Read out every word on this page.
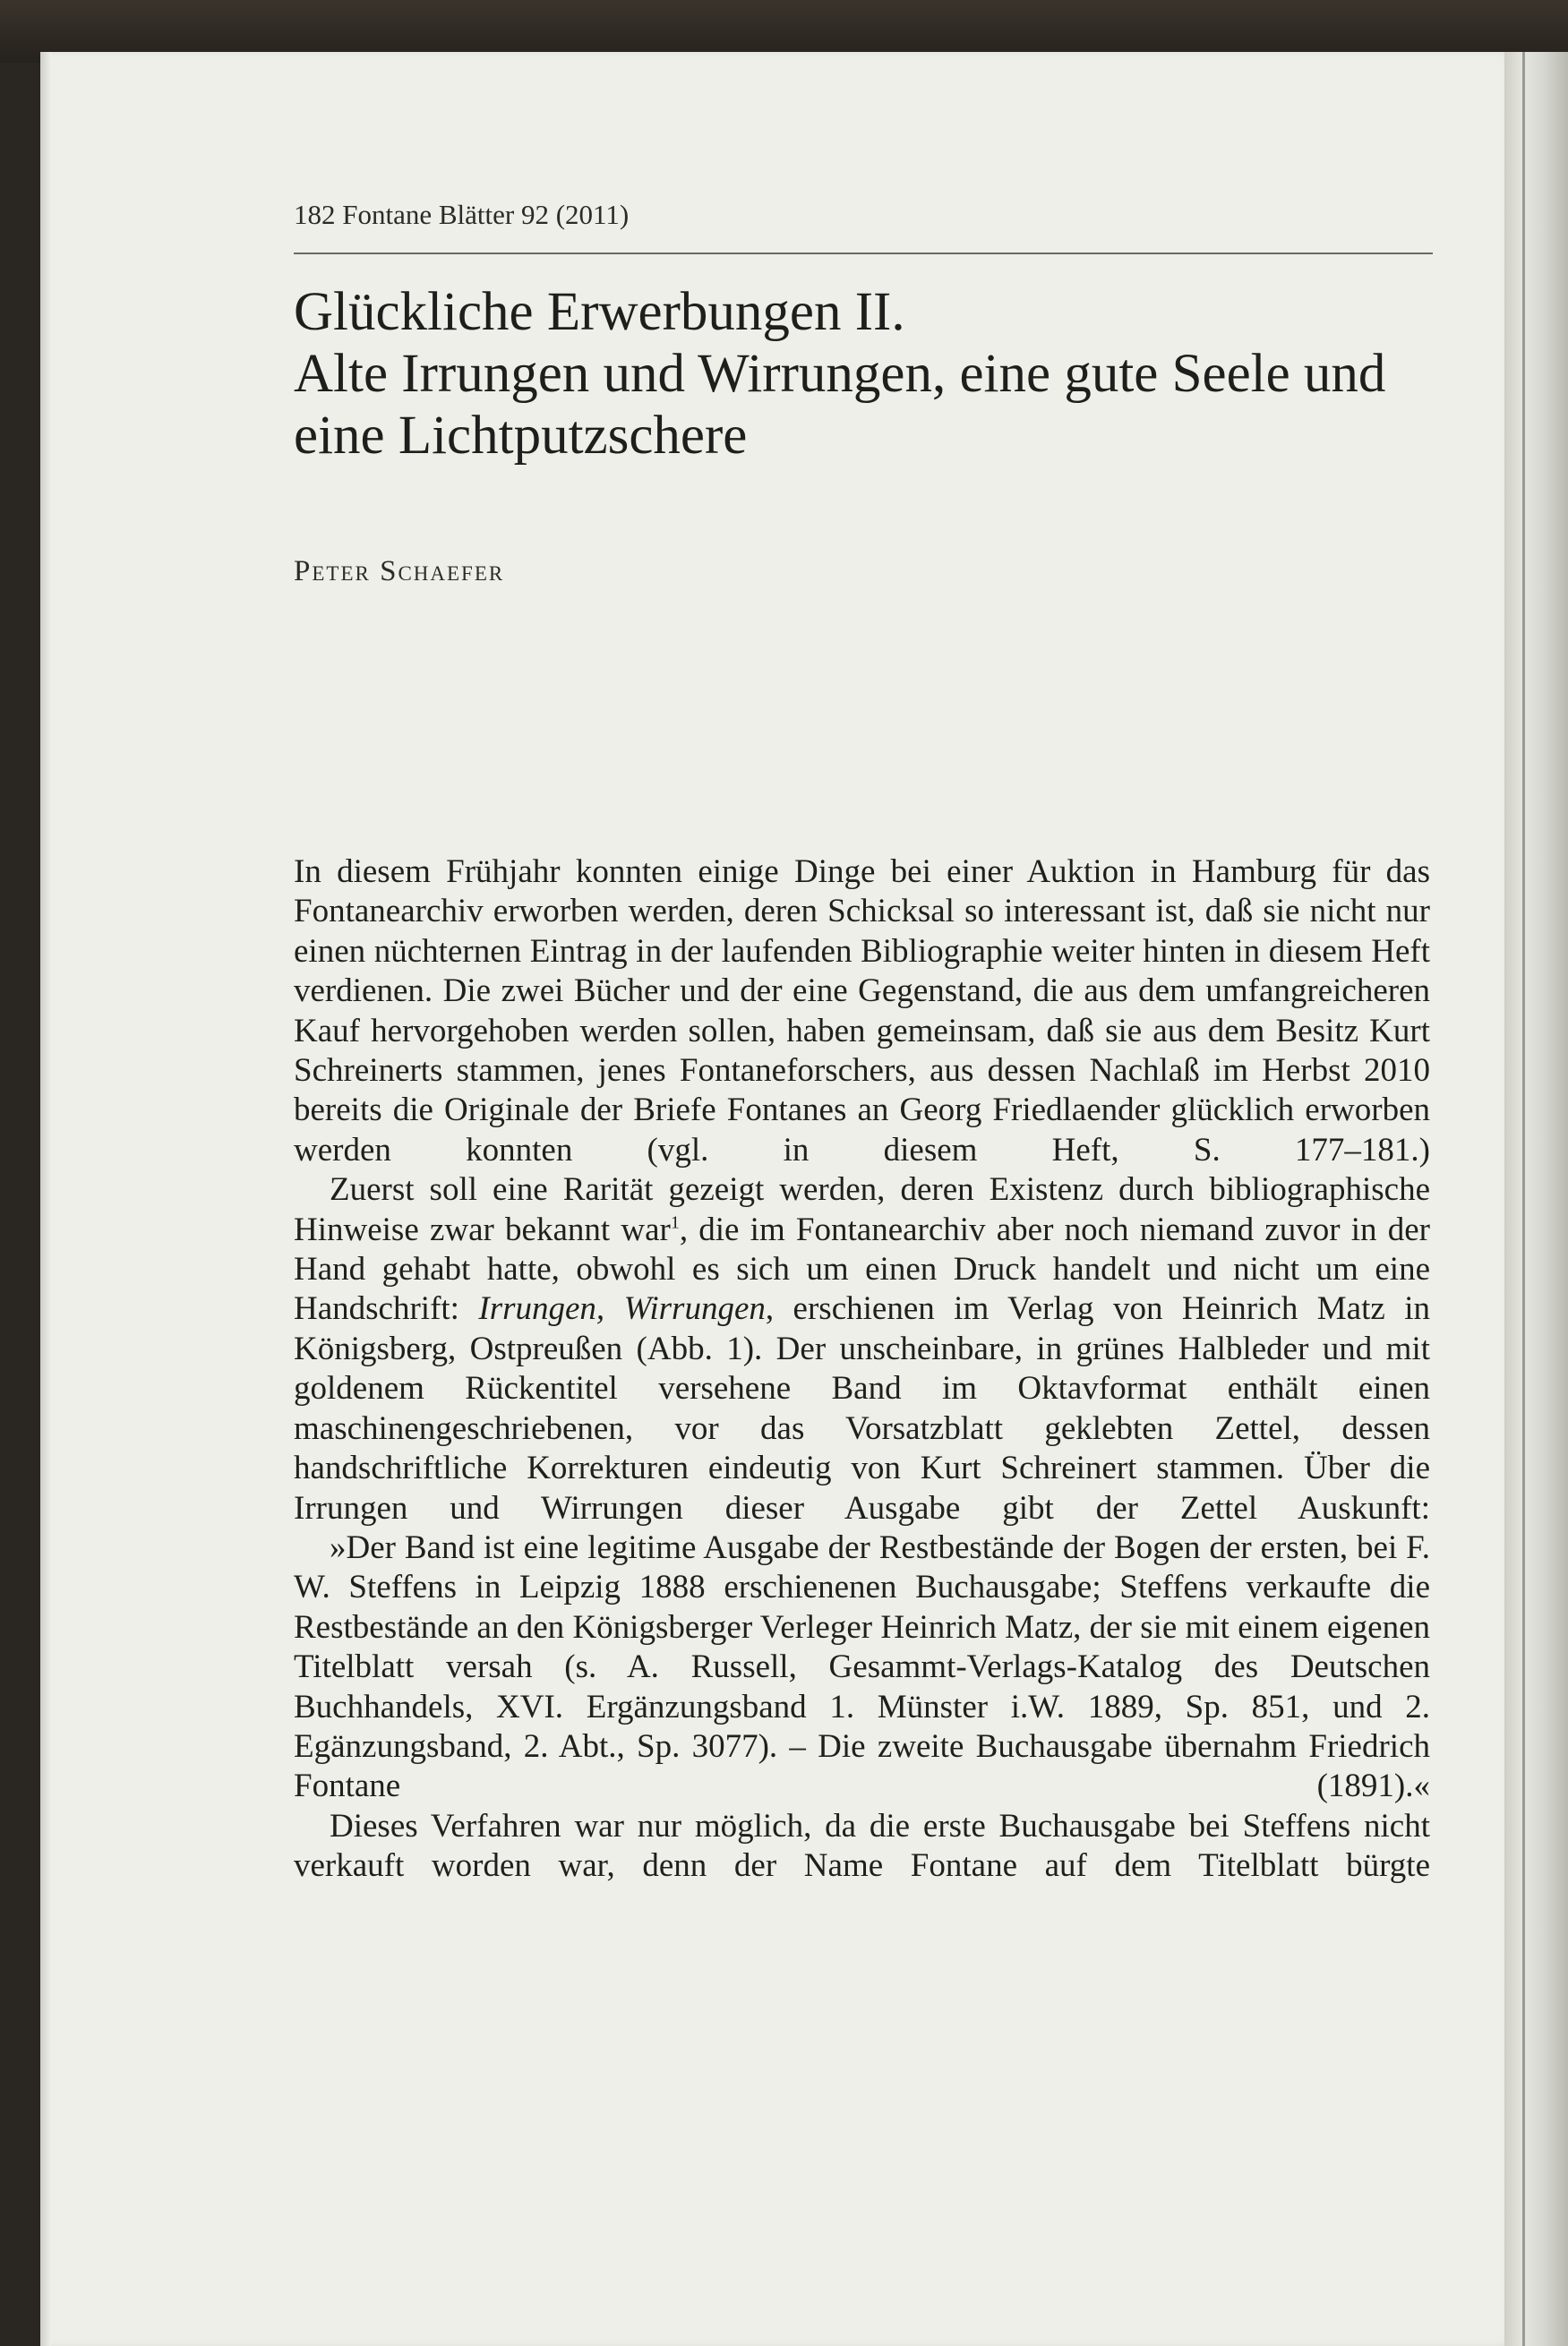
182 Fontane Blätter 92 (2011)
Glückliche Erwerbungen II.
Alte Irrungen und Wirrungen, eine gute Seele und
eine Lichtputzschere
Peter Schaefer

In diesem Frühjahr konnten einige Dinge bei einer Auktion in Hamburg für das Fontanearchiv erworben werden, deren Schicksal so interessant ist, daß sie nicht nur einen nüchternen Eintrag in der laufenden Bibliographie weiter hinten in diesem Heft verdienen. Die zwei Bücher und der eine Gegenstand, die aus dem umfangreicheren Kauf hervorgehoben werden sollen, haben gemeinsam, daß sie aus dem Besitz Kurt Schreinerts stammen, jenes Fontaneforschers, aus dessen Nachlaß im Herbst 2010 bereits die Originale der Briefe Fontanes an Georg Friedlaender glücklich erworben werden konnten (vgl. in diesem Heft, S. 177–181.)

Zuerst soll eine Rarität gezeigt werden, deren Existenz durch bibliographische Hinweise zwar bekannt war$^1$, die im Fontanearchiv aber noch niemand zuvor in der Hand gehabt hatte, obwohl es sich um einen Druck handelt und nicht um eine Handschrift: Irrungen, Wirrungen, erschienen im Verlag von Heinrich Matz in Königsberg, Ostpreußen (Abb. 1). Der unscheinbare, in grünes Halbleder und mit goldenem Rückentitel versehene Band im Oktavformat enthält einen maschinengeschriebenen, vor das Vorsatzblatt geklebten Zettel, dessen handschriftliche Korrekturen eindeutig von Kurt Schreinert stammen. Über die Irrungen und Wirrungen dieser Ausgabe gibt der Zettel Auskunft:

»Der Band ist eine legitime Ausgabe der Restbestände der Bogen der ersten, bei F. W. Steffens in Leipzig 1888 erschienenen Buchausgabe; Steffens verkaufte die Restbestände an den Königsberger Verleger Heinrich Matz, der sie mit einem eigenen Titelblatt versah (s. A. Russell, Gesammt-Verlags-Katalog des Deutschen Buchhandels, XVI. Ergänzungsband 1. Münster i.W. 1889, Sp. 851, und 2. Egänzungsband, 2. Abt., Sp. 3077). – Die zweite Buchausgabe übernahm Friedrich Fontane (1891).«

Dieses Verfahren war nur möglich, da die erste Buchausgabe bei Steffens nicht verkauft worden war, denn der Name Fontane auf dem Titelblatt bürgte
